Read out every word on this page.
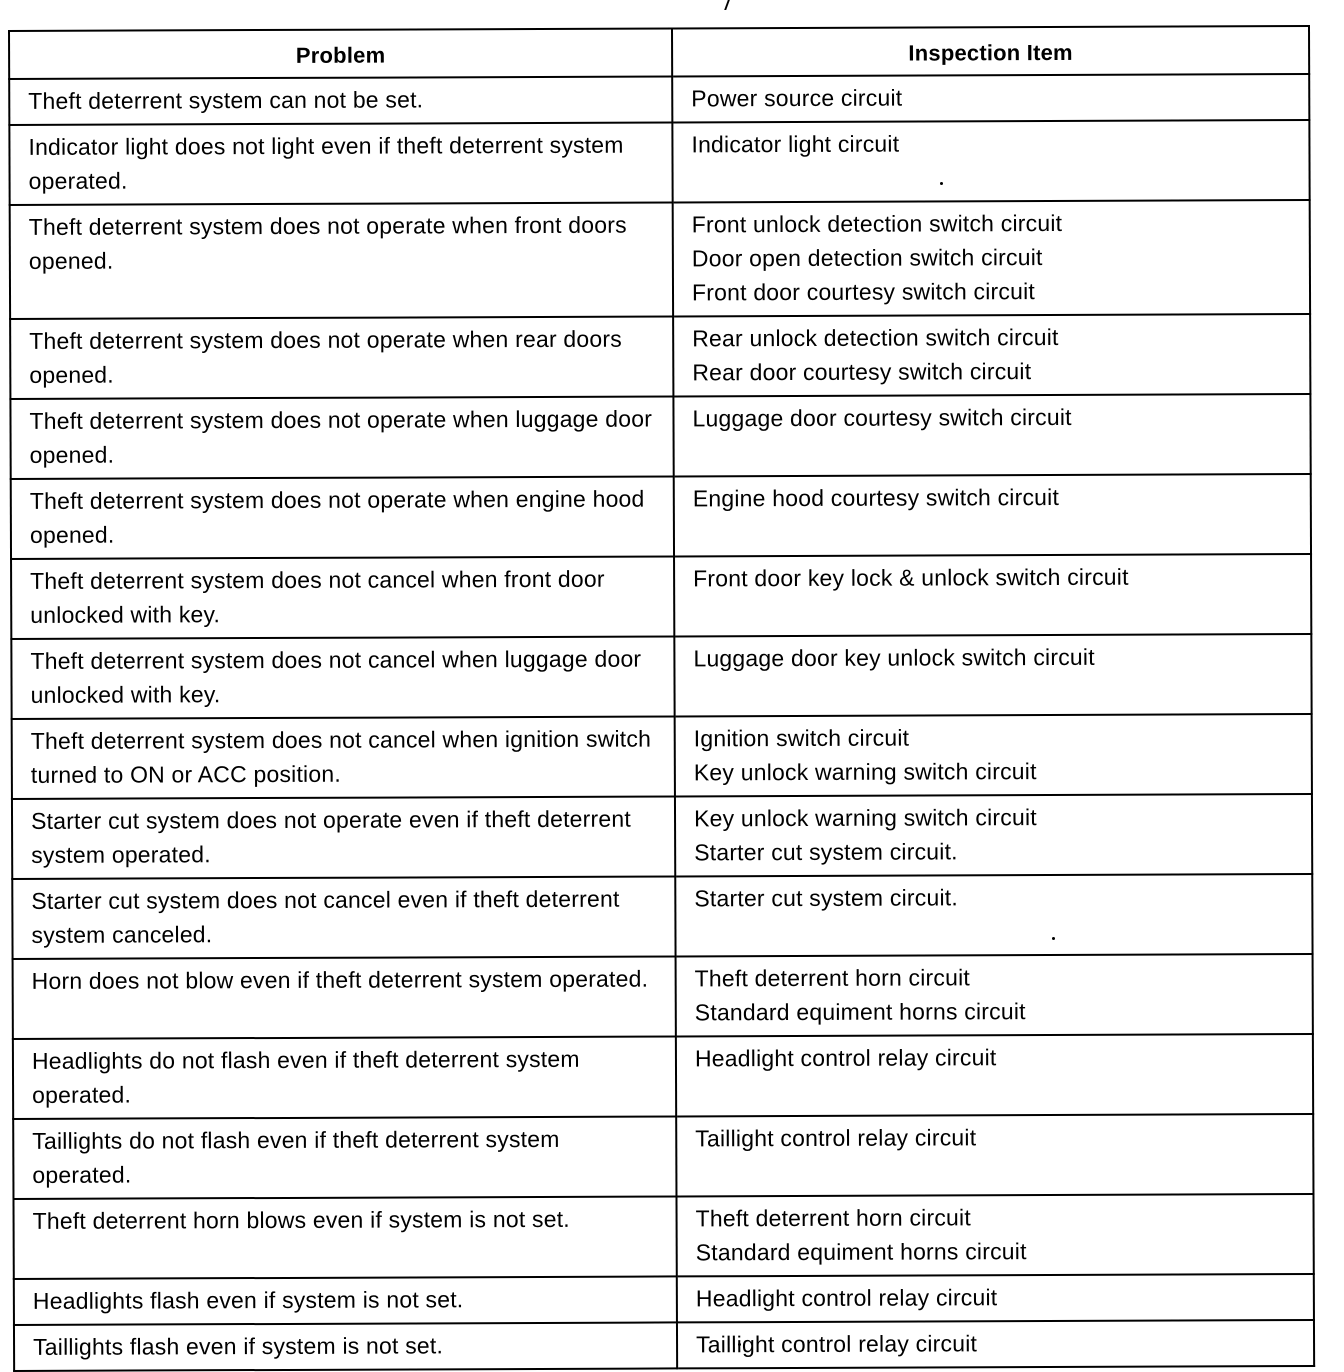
Problem	Inspection Item
Theft deterrent system can not be set.	Power source circuit

Indicator light does not light even if theft deterrent system operated.	Indicator light circuit

Theft deterrent system does not operate when front doors opened.	Front unlock detection switch circuit
Door open detection switch circuit
Front door courtesy switch circuit

Theft deterrent system does not operate when rear doors opened.	Rear unlock detection switch circuit
Rear door courtesy switch circuit

Theft deterrent system does not operate when luggage door opened.	Luggage door courtesy switch circuit

Theft deterrent system does not operate when engine hood opened.	Engine hood courtesy switch circuit

Theft deterrent system does not cancel when front door unlocked with key.	Front door key lock & unlock switch circuit

Theft deterrent system does not cancel when luggage door unlocked with key.	Luggage door key unlock switch circuit

Theft deterrent system does not cancel when ignition switch turned to ON or ACC position.	Ignition switch circuit
Key unlock warning switch circuit

Starter cut system does not operate even if theft deterrent system operated.	Key unlock warning switch circuit
Starter cut system circuit.

Starter cut system does not cancel even if theft deterrent system canceled.	Starter cut system circuit.

Horn does not blow even if theft deterrent system operated.	Theft deterrent horn circuit
Standard equiment horns circuit

Headlights do not flash even if theft deterrent system operated.	Headlight control relay circuit

Taillights do not flash even if theft deterrent system operated.	Taillight control relay circuit

Theft deterrent horn blows even if system is not set.	Theft deterrent horn circuit
Standard equiment horns circuit

Headlights flash even if system is not set.	Headlight control relay circuit

Taillights flash even if system is not set.	Taillight control relay circuit
